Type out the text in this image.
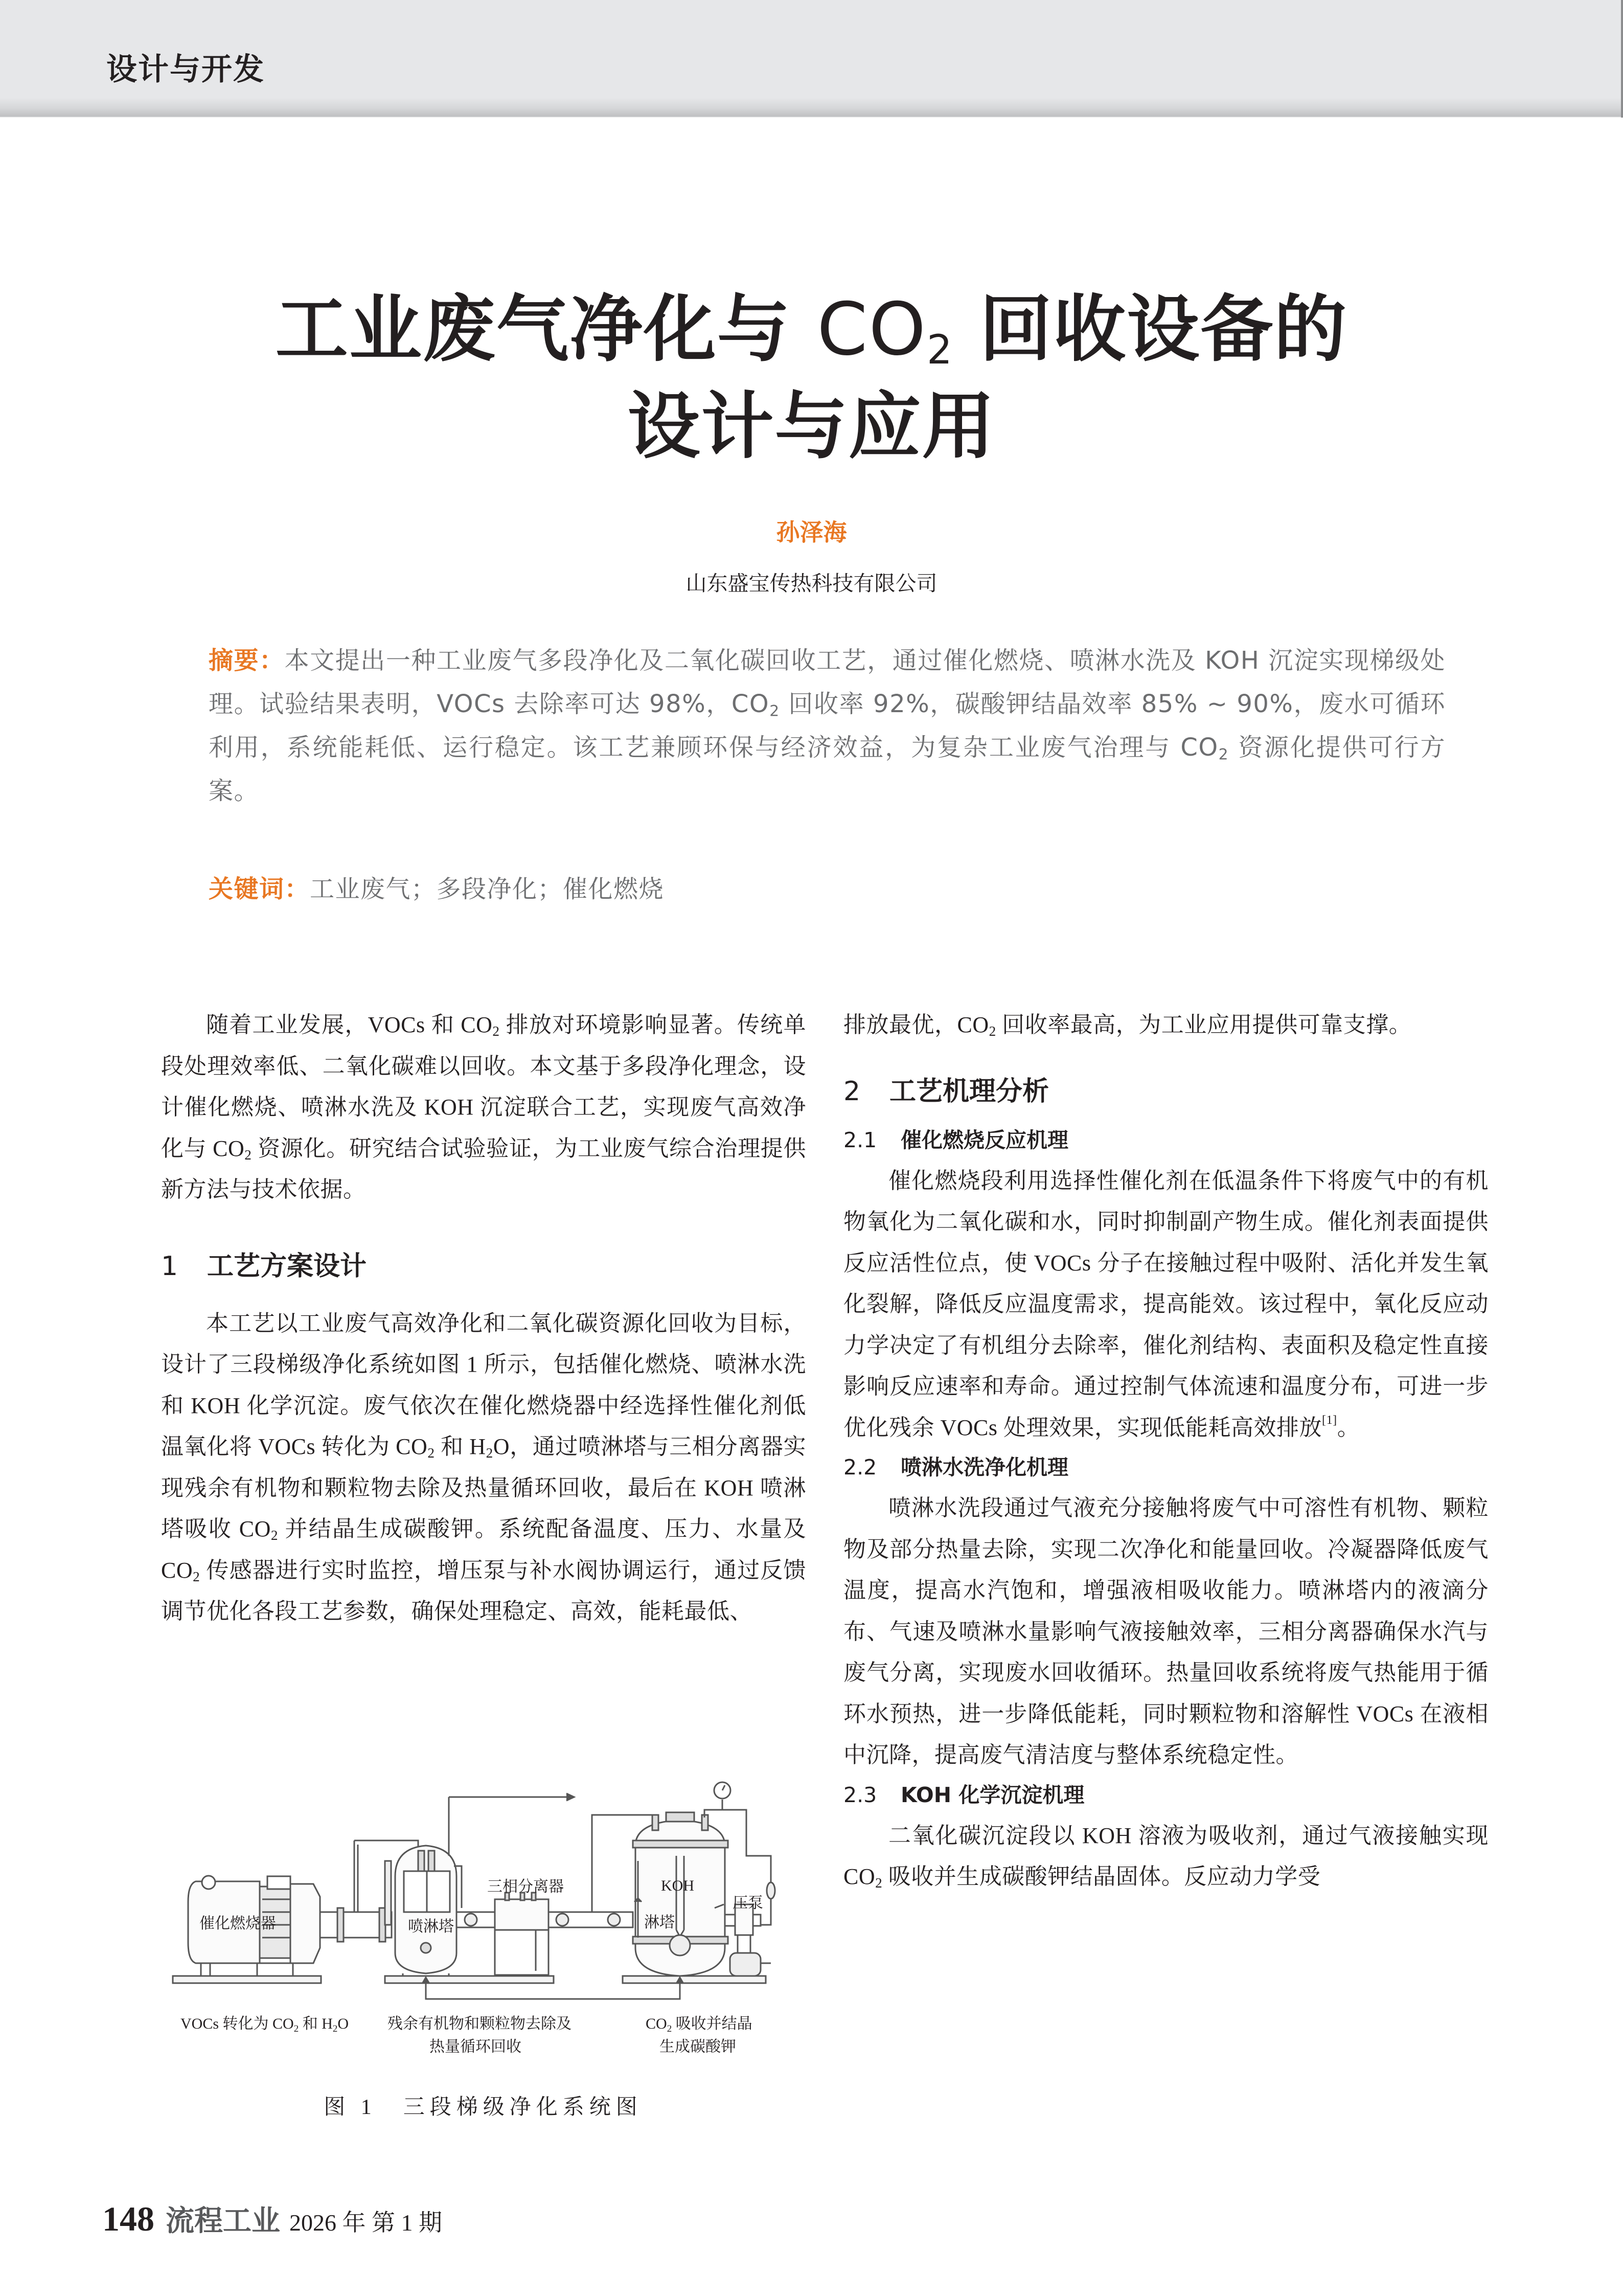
设计与开发
工业废气净化与 $CO_2$ 回收设备的
设计与应用
孙泽海
山东盛宝传热科技有限公司
摘要：本文提出一种工业废气多段净化及二氧化碳回收工艺，通过催化燃烧、喷淋水洗及 KOH 沉淀实现梯级处理。试验结果表明，VOCs 去除率可达 98%，$CO_2$ 回收率 92%，碳酸钾结晶效率 85% ~ 90%，废水可循环利用，系统能耗低、运行稳定。该工艺兼顾环保与经济效益，为复杂工业废气治理与 $CO_2$ 资源化提供可行方案。
关键词：工业废气；多段净化；催化燃烧

随着工业发展，VOCs 和 $CO_2$ 排放对环境影响显著。传统单段处理效率低、二氧化碳难以回收。本文基于多段净化理念，设计催化燃烧、喷淋水洗及 KOH 沉淀联合工艺，实现废气高效净化与 $CO_2$ 资源化。研究结合试验验证，为工业废气综合治理提供新方法与技术依据。

1 工艺方案设计

本工艺以工业废气高效净化和二氧化碳资源化回收为目标，设计了三段梯级净化系统如图 1 所示，包括催化燃烧、喷淋水洗和 KOH 化学沉淀。废气依次在催化燃烧器中经选择性催化剂低温氧化将 VOCs 转化为 $CO_2$ 和 $H_2O$，通过喷淋塔与三相分离器实现残余有机物和颗粒物去除及热量循环回收，最后在 KOH 喷淋塔吸收 $CO_2$ 并结晶生成碳酸钾。系统配备温度、压力、水量及 $CO_2$ 传感器进行实时监控，增压泵与补水阀协调运行，通过反馈调节优化各段工艺参数，确保处理稳定、高效，能耗最低、

催化燃烧器	喷淋塔
三相分离器	KOH
淋塔
压泵
VOCs 转化为 $CO_2$ 和 $H_2O$	残余有机物和颗粒物去除及
热量循环回收
$CO_2$ 吸收并结晶
生成碳酸钾
图 1　三段梯级净化系统图

排放最优，$CO_2$ 回收率最高，为工业应用提供可靠支撑。

2 工艺机理分析

2.1 催化燃烧反应机理

催化燃烧段利用选择性催化剂在低温条件下将废气中的有机物氧化为二氧化碳和水，同时抑制副产物生成。催化剂表面提供反应活性位点，使 VOCs 分子在接触过程中吸附、活化并发生氧化裂解，降低反应温度需求，提高能效。该过程中，氧化反应动力学决定了有机组分去除率，催化剂结构、表面积及稳定性直接影响反应速率和寿命。通过控制气体流速和温度分布，可进一步优化残余 VOCs 处理效果，实现低能耗高效排放[1]。

2.2 喷淋水洗净化机理

喷淋水洗段通过气液充分接触将废气中可溶性有机物、颗粒物及部分热量去除，实现二次净化和能量回收。冷凝器降低废气温度，提高水汽饱和，增强液相吸收能力。喷淋塔内的液滴分布、气速及喷淋水量影响气液接触效率，三相分离器确保水汽与废气分离，实现废水回收循环。热量回收系统将废气热能用于循环水预热，进一步降低能耗，同时颗粒物和溶解性 VOCs 在液相中沉降，提高废气清洁度与整体系统稳定性。

2.3 KOH 化学沉淀机理

二氧化碳沉淀段以 KOH 溶液为吸收剂，通过气液接触实现 $CO_2$ 吸收并生成碳酸钾结晶固体。反应动力学受

148 流程工业 2026 年 第 1 期
